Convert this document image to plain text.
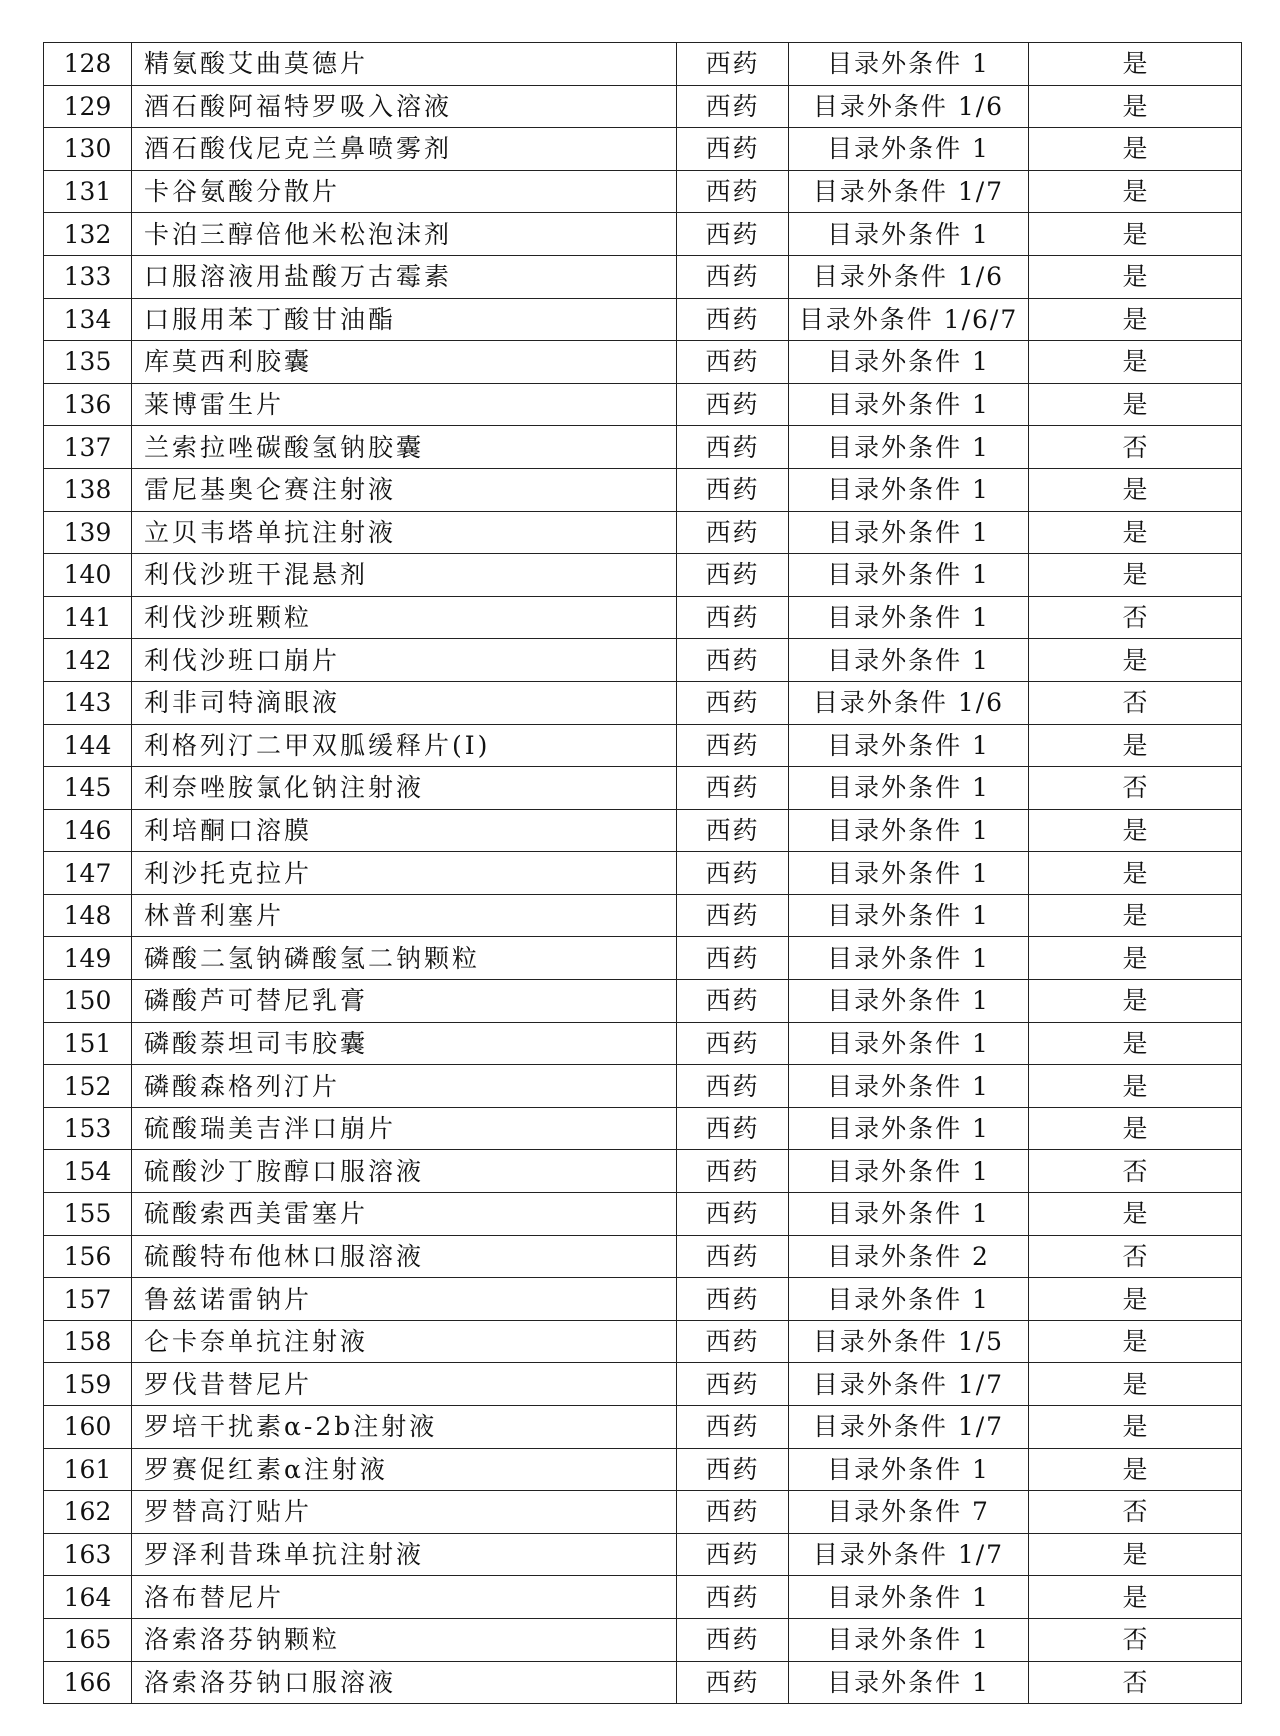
128	精氨酸艾曲莫德片	西药	目录外条件 1	是
129	酒石酸阿福特罗吸入溶液	西药	目录外条件 1/6	是
130	酒石酸伐尼克兰鼻喷雾剂	西药	目录外条件 1	是
131	卡谷氨酸分散片	西药	目录外条件 1/7	是
132	卡泊三醇倍他米松泡沫剂	西药	目录外条件 1	是
133	口服溶液用盐酸万古霉素	西药	目录外条件 1/6	是
134	口服用苯丁酸甘油酯	西药	目录外条件 1/6/7	是
135	库莫西利胶囊	西药	目录外条件 1	是
136	莱博雷生片	西药	目录外条件 1	是
137	兰索拉唑碳酸氢钠胶囊	西药	目录外条件 1	否
138	雷尼基奥仑赛注射液	西药	目录外条件 1	是
139	立贝韦塔单抗注射液	西药	目录外条件 1	是
140	利伐沙班干混悬剂	西药	目录外条件 1	是
141	利伐沙班颗粒	西药	目录外条件 1	否
142	利伐沙班口崩片	西药	目录外条件 1	是
143	利非司特滴眼液	西药	目录外条件 1/6	否
144	利格列汀二甲双胍缓释片(I)	西药	目录外条件 1	是
145	利奈唑胺氯化钠注射液	西药	目录外条件 1	否
146	利培酮口溶膜	西药	目录外条件 1	是
147	利沙托克拉片	西药	目录外条件 1	是
148	林普利塞片	西药	目录外条件 1	是
149	磷酸二氢钠磷酸氢二钠颗粒	西药	目录外条件 1	是
150	磷酸芦可替尼乳膏	西药	目录外条件 1	是
151	磷酸萘坦司韦胶囊	西药	目录外条件 1	是
152	磷酸森格列汀片	西药	目录外条件 1	是
153	硫酸瑞美吉泮口崩片	西药	目录外条件 1	是
154	硫酸沙丁胺醇口服溶液	西药	目录外条件 1	否
155	硫酸索西美雷塞片	西药	目录外条件 1	是
156	硫酸特布他林口服溶液	西药	目录外条件 2	否
157	鲁兹诺雷钠片	西药	目录外条件 1	是
158	仑卡奈单抗注射液	西药	目录外条件 1/5	是
159	罗伐昔替尼片	西药	目录外条件 1/7	是
160	罗培干扰素α-2b注射液	西药	目录外条件 1/7	是
161	罗赛促红素α注射液	西药	目录外条件 1	是
162	罗替高汀贴片	西药	目录外条件 7	否
163	罗泽利昔珠单抗注射液	西药	目录外条件 1/7	是
164	洛布替尼片	西药	目录外条件 1	是
165	洛索洛芬钠颗粒	西药	目录外条件 1	否
166	洛索洛芬钠口服溶液	西药	目录外条件 1	否
